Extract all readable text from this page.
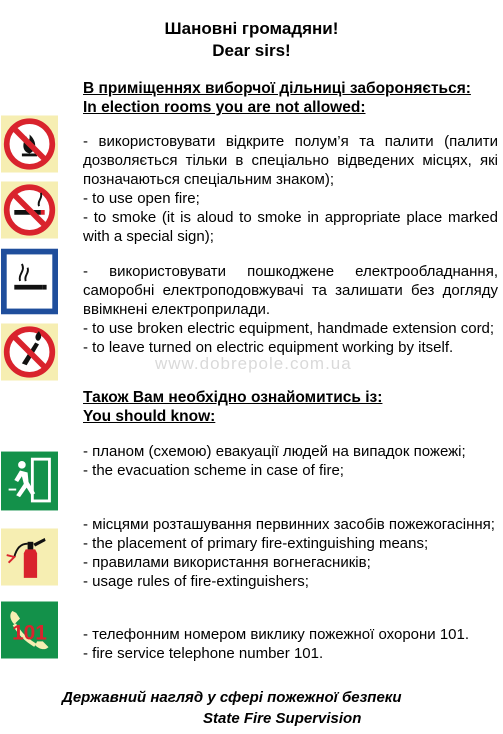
Шановні громадяни!
Dear sirs!
В приміщеннях виборчої дільниці забороняється:
In election rooms you are not allowed:

- використовувати відкрите полум’я та палити (палити дозволяється тільки в спеціально відведених місцях, які позначаються спеціальним знаком);

- to use open fire;

- to smoke (it is aloud to smoke in appropriate place marked with a special sign);

- використовувати пошкоджене електрообладнання, саморобні електроподовжувачі та залишати без догляду ввімкнені електроприлади.

- to use broken electric equipment, handmade extension cord;

- to leave turned on electric equipment working by itself.

www.dobrepole.com.ua
Також Вам необхідно ознайомитись із:
You should know:

- планом (схемою) евакуації людей на випадок пожежі;

- the evacuation scheme in case of fire;

- місцями розташування первинних засобів пожежогасіння;

- the placement of primary fire-extinguishing means;

- правилами використання вогнегасників;

- usage rules of fire-extinguishers;

- телефонним номером виклику пожежної охорони 101.

- fire service telephone number 101.

Державний нагляд у сфері пожежної безпеки
State Fire Supervision
101
